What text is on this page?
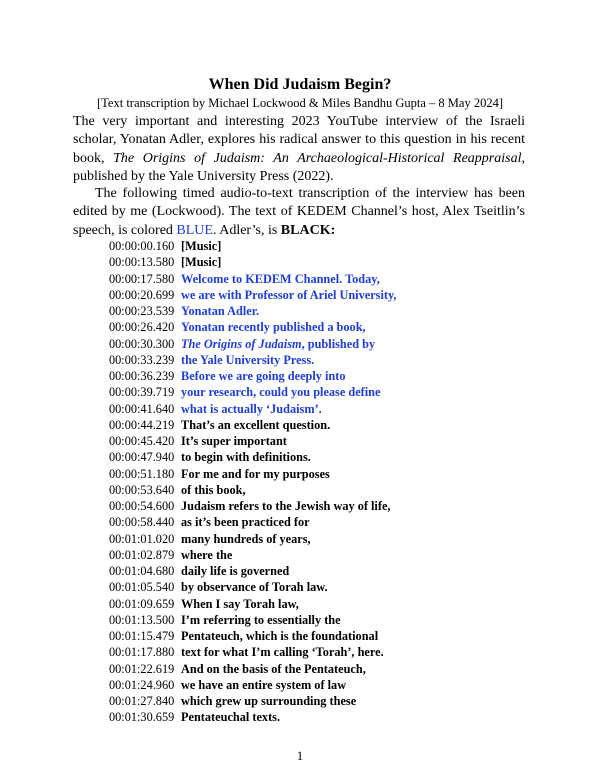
When Did Judaism Begin?
[Text transcription by Michael Lockwood & Miles Bandhu Gupta – 8 May 2024]

The very important and interesting 2023 YouTube interview of the Israeli scholar, Yonatan Adler, explores his radical answer to this question in his recent book, The Origins of Judaism: An Archaeological-Historical Reappraisal, published by the Yale University Press (2022).

The following timed audio-to-text transcription of the interview has been edited by me (Lockwood). The text of KEDEM Channel’s host, Alex Tseitlin’s speech, is colored BLUE. Adler’s, is BLACK:

00:00:00.160 [Music]
00:00:13.580 [Music]
00:00:17.580 Welcome to KEDEM Channel. Today,
00:00:20.699 we are with Professor of Ariel University,
00:00:23.539 Yonatan Adler.
00:00:26.420 Yonatan recently published a book,
00:00:30.300 The Origins of Judaism, published by
00:00:33.239 the Yale University Press.
00:00:36.239 Before we are going deeply into
00:00:39.719 your research, could you please define
00:00:41.640 what is actually ‘Judaism’.
00:00:44.219 That’s an excellent question.
00:00:45.420 It’s super important
00:00:47.940 to begin with definitions.
00:00:51.180 For me and for my purposes
00:00:53.640 of this book,
00:00:54.600 Judaism refers to the Jewish way of life,
00:00:58.440 as it’s been practiced for
00:01:01.020 many hundreds of years,
00:01:02.879 where the
00:01:04.680 daily life is governed
00:01:05.540 by observance of Torah law.
00:01:09.659 When I say Torah law,
00:01:13.500 I’m referring to essentially the
00:01:15.479 Pentateuch, which is the foundational
00:01:17.880 text for what I’m calling ‘Torah’, here.
00:01:22.619 And on the basis of the Pentateuch,
00:01:24.960 we have an entire system of law
00:01:27.840 which grew up surrounding these
00:01:30.659 Pentateuchal texts.
1
